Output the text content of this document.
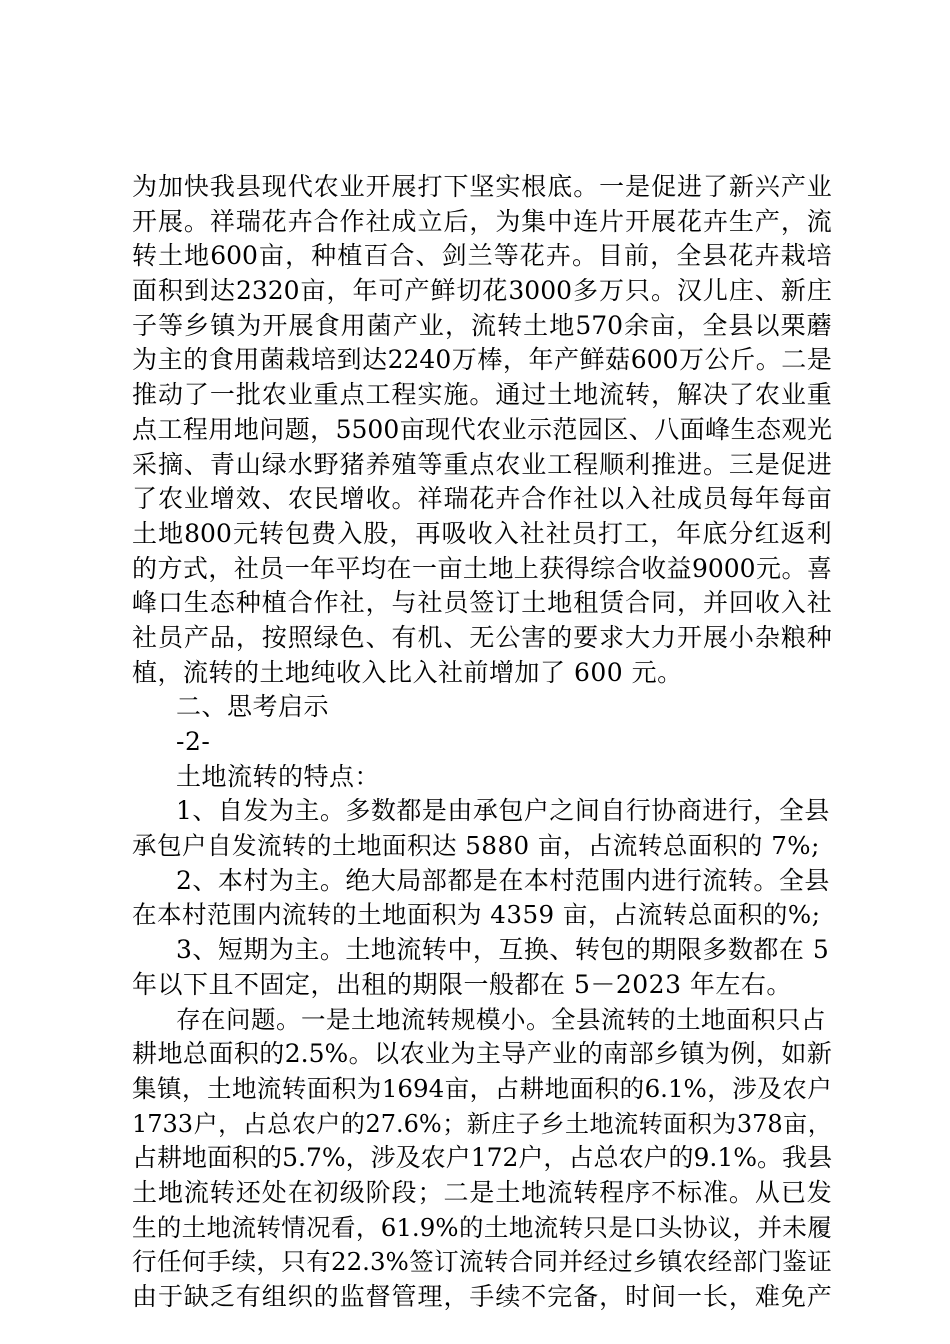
为 加 快 我 县 现 代 农 业 开 展 打 下 坚 实 根 底 。 一 是 促 进 了 新 兴 产 业
开 展 。 祥 瑞 花 卉 合 作 社 成 立 后 ， 为 集 中 连 片 开 展 花 卉 生 产 ， 流
转 土 地 600 亩 ， 种 植 百 合 、 剑 兰 等 花 卉 。 目 前 ， 全 县 花 卉 栽 培
面 积 到 达 2320 亩 ， 年 可 产 鲜 切 花 3000 多 万 只 。 汉 儿 庄 、 新 庄
子 等 乡 镇 为 开 展 食 用 菌 产 业 ， 流 转 土 地 570 余 亩 ， 全 县 以 栗 蘑
为 主 的 食 用 菌 栽 培 到 达 2240 万 棒 ， 年 产 鲜 菇 600 万 公 斤 。 二 是
推 动 了 一 批 农 业 重 点 工 程 实 施 。 通 过 土 地 流 转 ， 解 决 了 农 业 重
点 工 程 用 地 问 题 ， 5500 亩 现 代 农 业 示 范 园 区 、 八 面 峰 生 态 观 光
采 摘 、 青 山 绿 水 野 猪 养 殖 等 重 点 农 业 工 程 顺 利 推 进 。 三 是 促 进
了 农 业 增 效 、 农 民 增 收 。 祥 瑞 花 卉 合 作 社 以 入 社 成 员 每 年 每 亩
土 地 800 元 转 包 费 入 股 ， 再 吸 收 入 社 社 员 打 工 ， 年 底 分 红 返 利
的 方 式 ， 社 员 一 年 平 均 在 一 亩 土 地 上 获 得 综 合 收 益 9000 元 。 喜
峰 口 生 态 种 植 合 作 社 ， 与 社 员 签 订 土 地 租 赁 合 同 ， 并 回 收 入 社
社 员 产 品 ， 按 照 绿 色 、 有 机 、 无 公 害 的 要 求 大 力 开 展 小 杂 粮 种
植，流转的土地纯收入比入社前增加了 600 元。
二、思考启示
-2-
土地流转的特点：
1、自发为主。多数都是由承包户之间自行协商进行，全县
承包户自发流转的土地面积达 5880 亩，占流转总面积的 7%;
2、本村为主。绝大局部都是在本村范围内进行流转。全县
在本村范围内流转的土地面积为 4359 亩，占流转总面积的%;
3、短期为主。土地流转中，互换、转包的期限多数都在 5
年以下且不固定，出租的期限一般都在 5－2023 年左右。
存在问题。一是土地流转规模小。全县流转的土地面积只占
耕 地 总 面 积 的 2.5% 。 以 农 业 为 主 导 产 业 的 南 部 乡 镇 为 例 ， 如 新
集 镇 ， 土 地 流 转 面 积 为 1694 亩 ， 占 耕 地 面 积 的 6.1% ， 涉 及 农 户
1733 户 ， 占 总 农 户 的 27.6% ； 新 庄 子 乡 土 地 流 转 面 积 为 378 亩 ，
占 耕 地 面 积 的 5.7% ， 涉 及 农 户 172 户 ， 占 总 农 户 的 9.1% 。 我 县
土 地 流 转 还 处 在 初 级 阶 段 ； 二 是 土 地 流 转 程 序 不 标 准 。 从 已 发
生 的 土 地 流 转 情 况 看 ， 61.9% 的 土 地 流 转 只 是 口 头 协 议 ， 并 未 履
行 任 何 手 续 ， 只 有 22.3% 签 订 流 转 合 同 并 经 过 乡 镇 农 经 部 门 鉴 证
由 于 缺 乏 有 组 织 的 监 督 管 理 ， 手 续 不 完 备 ， 时 间 一 长 ， 难 免 产
